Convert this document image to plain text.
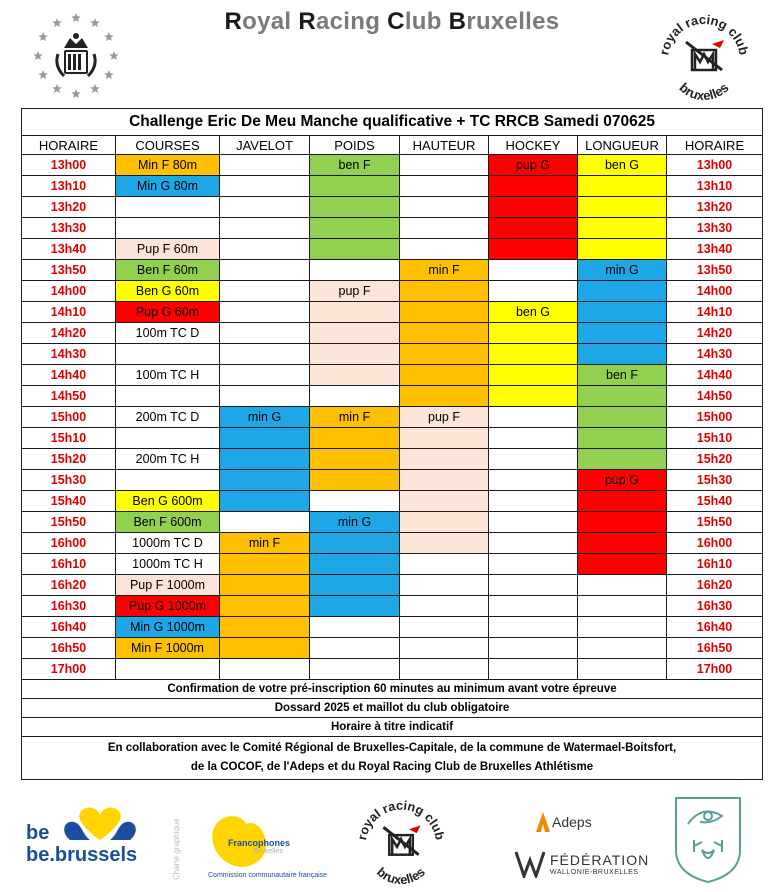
Royal Racing Club Bruxelles
royal racing club
bruxelles
Challenge Eric De Meu Manche qualificative + TC RRCB Samedi 070625							
HORAIRE	COURSES	JAVELOT	POIDS	HAUTEUR	HOCKEY	LONGUEUR	HORAIRE
13h00	Min F 80m		ben F		pup G	ben G	13h00
13h10	Min G 80m						13h10
13h20							13h20
13h30							13h30
13h40	Pup F 60m						13h40
13h50	Ben F 60m			min F		min G	13h50
14h00	Ben G 60m		pup F				14h00
14h10	Pup G 60m				ben G		14h10
14h20	100m TC D						14h20
14h30							14h30
14h40	100m TC H					ben F	14h40
14h50							14h50
15h00	200m TC D	min G	min F	pup F			15h00
15h10							15h10
15h20	200m TC H						15h20
15h30						pup G	15h30
15h40	Ben G 600m						15h40
15h50	Ben F 600m		min G				15h50
16h00	1000m TC D	min F					16h00
16h10	1000m TC H						16h10
16h20	Pup F 1000m						16h20
16h30	Pup G 1000m						16h30
16h40	Min G 1000m						16h40
16h50	Min F 1000m						16h50
17h00							17h00
Confirmation de votre pré-inscription 60 minutes au minimum avant votre épreuve							
Dossard 2025 et maillot du club obligatoire							
Horaire à titre indicatif							
En collaboration avec le Comité Régional de Bruxelles-Capitale, de la commune de Watermael-Boitsfort,
de la COCOF, de l'Adeps et du Royal Racing Club de Bruxelles Athlétisme							
be
be.brussels	Charte graphique	Francophones
Bruxelles
Commission communautaire française
royal racing club
bruxelles
Adeps
FÉDÉRATION
WALLONIE-BRUXELLES
